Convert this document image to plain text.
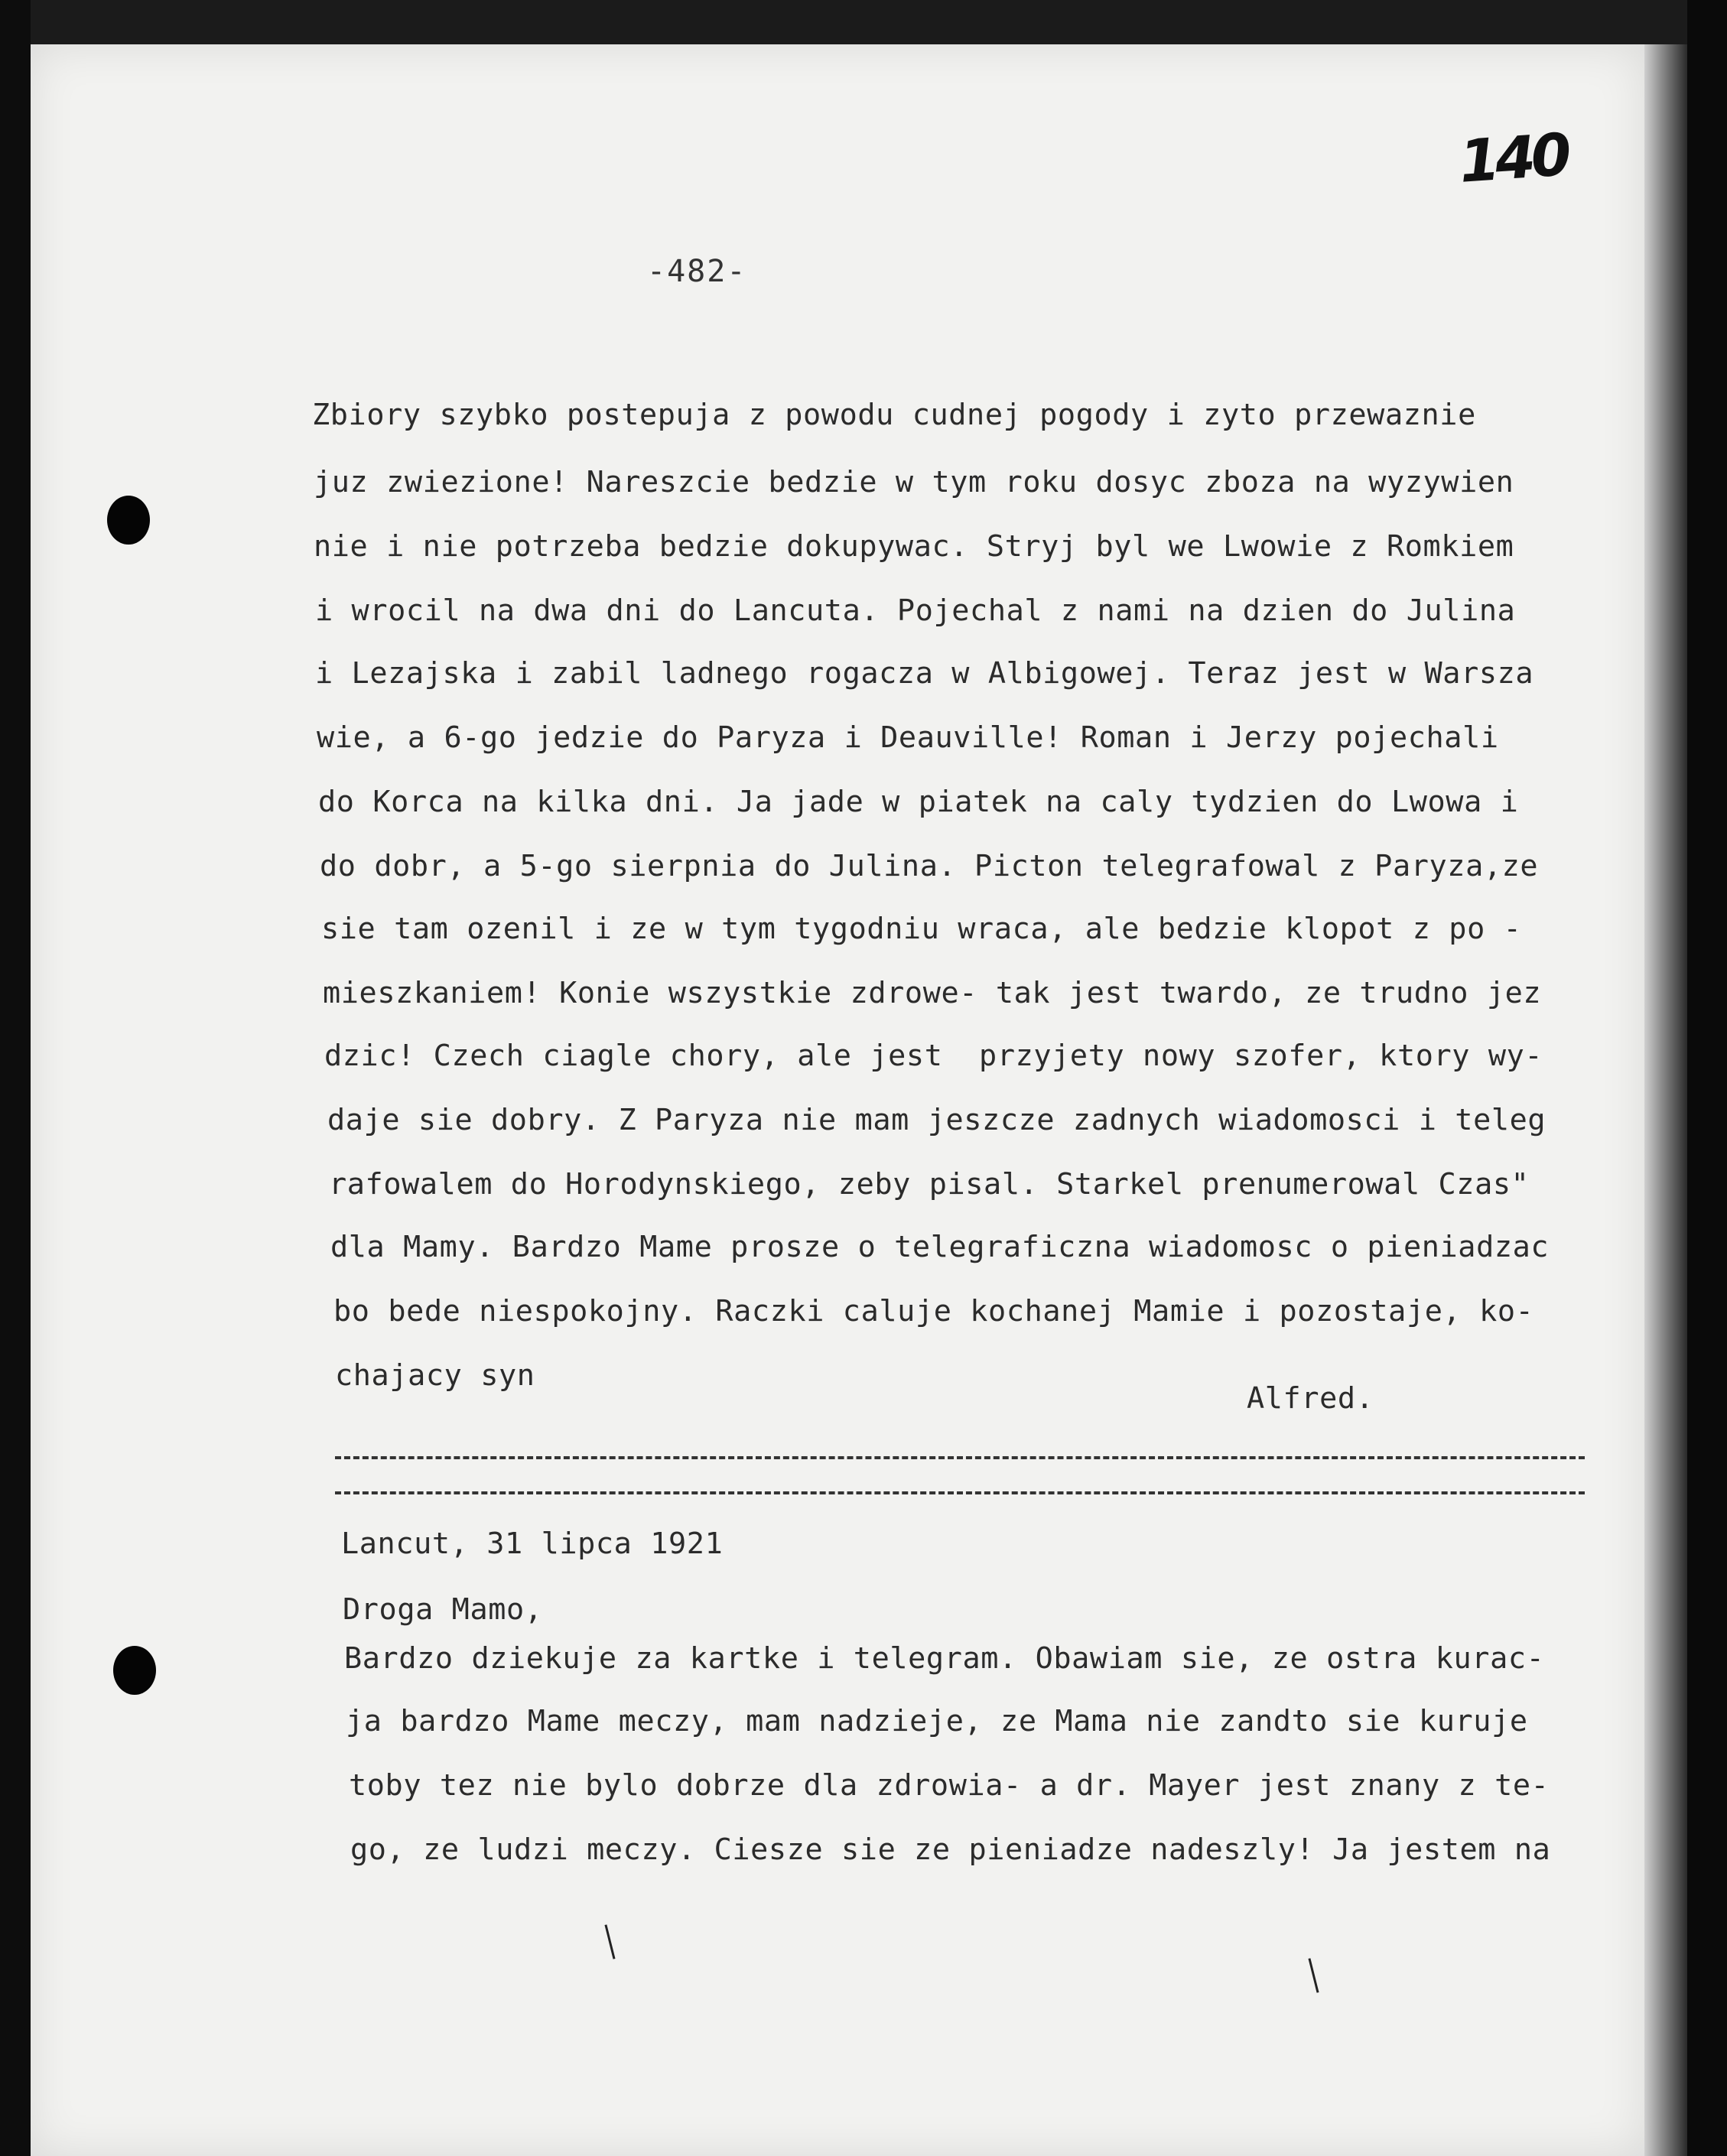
140
-482-
Zbiory szybko postepuja z powodu cudnej pogody i zyto przewaznie
juz zwiezione! Nareszcie bedzie w tym roku dosyc zboza na wyzywien
nie i nie potrzeba bedzie dokupywac. Stryj byl we Lwowie z Romkiem
i wrocil na dwa dni do Lancuta. Pojechal z nami na dzien do Julina
i Lezajska i zabil ladnego rogacza w Albigowej. Teraz jest w Warsza
wie, a 6-go jedzie do Paryza i Deauville! Roman i Jerzy pojechali
do Korca na kilka dni. Ja jade w piatek na caly tydzien do Lwowa i
do dobr, a 5-go sierpnia do Julina. Picton telegrafowal z Paryza,ze
sie tam ozenil i ze w tym tygodniu wraca, ale bedzie klopot z po -
mieszkaniem! Konie wszystkie zdrowe- tak jest twardo, ze trudno jez
dzic! Czech ciagle chory, ale jest  przyjety nowy szofer, ktory wy-
daje sie dobry. Z Paryza nie mam jeszcze zadnych wiadomosci i teleg
rafowalem do Horodynskiego, zeby pisal. Starkel prenumerowal Czas"
dla Mamy. Bardzo Mame prosze o telegraficzna wiadomosc o pieniadzac
bo bede niespokojny. Raczki caluje kochanej Mamie i pozostaje, ko-
chajacy syn
Alfred.
Lancut, 31 lipca 1921
Droga Mamo,
Bardzo dziekuje za kartke i telegram. Obawiam sie, ze ostra kurac-
ja bardzo Mame meczy, mam nadzieje, ze Mama nie zandto sie kuruje
toby tez nie bylo dobrze dla zdrowia- a dr. Mayer jest znany z te-
go, ze ludzi meczy. Ciesze sie ze pieniadze nadeszly! Ja jestem na
